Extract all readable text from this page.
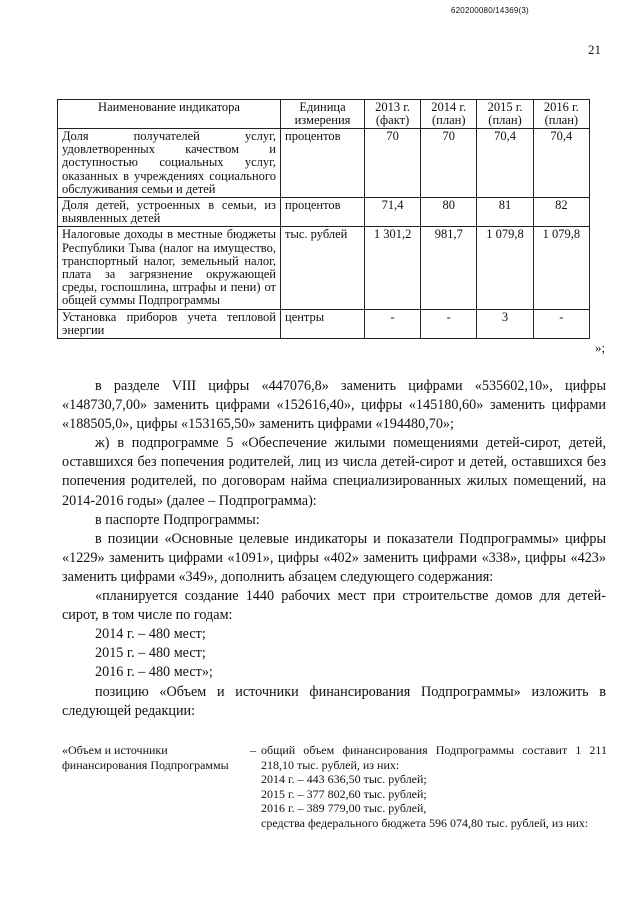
620200080/14369(3)
21
Наименование индикатора	Единица измерения	2013 г. (факт)	2014 г. (план)	2015 г. (план)	2016 г. (план)
Доля получателей услуг, удовлетворенных качеством и доступностью социальных услуг, оказанных в учреждениях социального обслуживания семьи и детей	процентов	70	70	70,4	70,4
Доля детей, устроенных в семьи, из выявленных детей	процентов	71,4	80	81	82
Налоговые доходы в местные бюджеты Республики Тыва (налог на имущество, транспортный налог, земельный налог, плата за загрязнение окружающей среды, госпошлина, штрафы и пени) от общей суммы Подпрограммы	тыс. рублей	1 301,2	981,7	1 079,8	1 079,8
Установка приборов учета тепловой энергии	центры	-	-	3	-
»;

в разделе VIII цифры «447076,8» заменить цифрами «535602,10», цифры «148730,7,00» заменить цифрами «152616,40», цифры «145180,60» заменить цифрами «188505,0», цифры «153165,50» заменить цифрами «194480,70»;

ж) в подпрограмме 5 «Обеспечение жилыми помещениями детей-сирот, детей, оставшихся без попечения родителей, лиц из числа детей-сирот и детей, оставшихся без попечения родителей, по договорам найма специализированных жилых помещений, на 2014-2016 годы» (далее – Подпрограмма):

в паспорте Подпрограммы:

в позиции «Основные целевые индикаторы и показатели Подпрограммы» цифры «1229» заменить цифрами «1091», цифры «402» заменить цифрами «338», цифры «423» заменить цифрами «349», дополнить абзацем следующего содержания:

«планируется создание 1440 рабочих мест при строительстве домов для детей-сирот, в том числе по годам:

2014 г. – 480 мест;

2015 г. – 480 мест;

2016 г. – 480 мест»;

позицию «Объем и источники финансирования Подпрограммы» изложить в следующей редакции:

«Объем и источники финансирования Подпрограммы
– общий объем финансирования Подпрограммы составит 1 211 218,10 тыс. рублей, из них:
2014 г. – 443 636,50 тыс. рублей;
2015 г. – 377 802,60 тыс. рублей;
2016 г. – 389 779,00 тыс. рублей,
средства федерального бюджета 596 074,80 тыс. рублей, из них:
